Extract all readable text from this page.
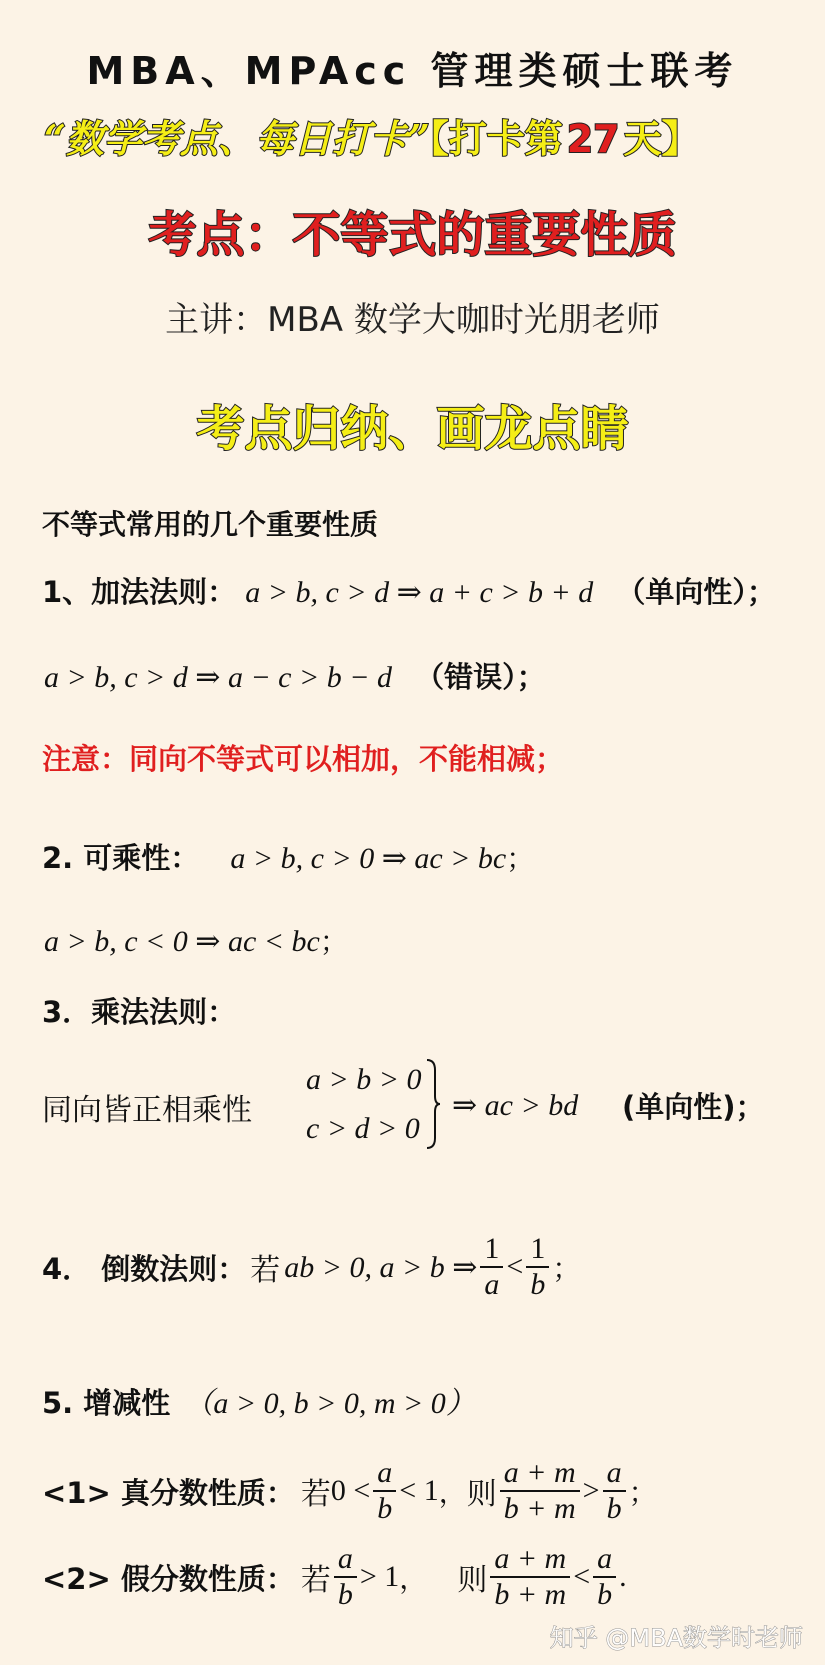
MBA、MPAcc 管理类硕士联考
“数学考点、每日打卡”【打卡第 27 天】
考点：不等式的重要性质
主讲：MBA 数学大咖时光朋老师
考点归纳、画龙点睛
不等式常用的几个重要性质
1、加法法则： a > b, c > d ⇒ a + c > b + d （单向性）；
a > b, c > d ⇒ a − c > b − d （错误）；
注意：同向不等式可以相加，不能相减；
2. 可乘性： a > b, c > 0 ⇒ ac > bc；
a > b, c < 0 ⇒ ac < bc；
3．乘法法则：
同向皆正相乘性
a > b > 0
c > d > 0
⇒ ac > bd (单向性)；
4． 倒数法则： 若 ab > 0, a > b ⇒ $\frac{1}{a} < \frac{1}{b}$ ；
5. 增减性 （a > 0, b > 0, m > 0）
<1> 真分数性质： 若 $0 < \frac{a}{b} < 1$ ， 则 $\frac{a + m}{b + m} > \frac{a}{b}$ ；
<2> 假分数性质： 若 $\frac{a}{b} > 1$ ， 则 $\frac{a + m}{b + m} < \frac{a}{b}$ .
知乎 @MBA数学时老师
